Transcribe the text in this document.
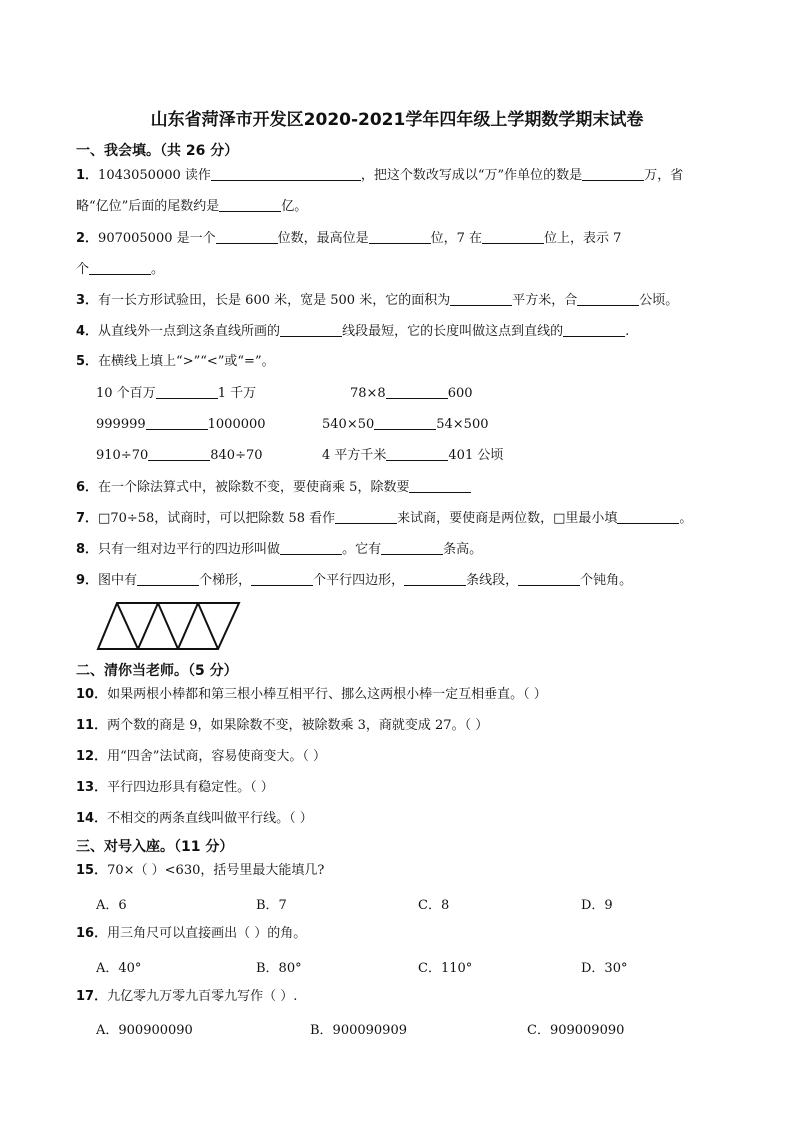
山东省菏泽市开发区2020-2021学年四年级上学期数学期末试卷
一、我会填。（共 26 分）
1．1043050000 读作	，把这个数改写成以“万”作单位的数是	万，省
略“亿位”后面的尾数约是	亿。
2．907005000 是一个	位数，最高位是	位，7 在	位上，表示 7
个	。
3．有一长方形试验田，长是 600 米，宽是 500 米，它的面积为	平方米，合	公顷。
4．从直线外一点到这条直线所画的	线段最短，它的长度叫做这点到直线的	.
5．在横线上填上“>”“<”或“=”。
10 个百万	1 千万	78×8	600
999999	1000000	540×50	54×500
910÷70	840÷70	4 平方千米	401 公顷
6．在一个除法算式中，被除数不变，要使商乘 5，除数要
7．□70÷58，试商时，可以把除数 58 看作	来试商，要使商是两位数，□里最小填	。
8．只有一组对边平行的四边形叫做	。它有	条高。
9．图中有	个梯形，	个平行四边形，	条线段，	个钝角。
二、清你当老师。（5 分）
10．如果两根小棒都和第三根小棒互相平行、挪么这两根小棒一定互相垂直。（ ）
11．两个数的商是 9，如果除数不变，被除数乘 3，商就变成 27。（ ）
12．用“四舍”法试商，容易使商变大。（ ）
13．平行四边形具有稳定性。（ ）
14．不相交的两条直线叫做平行线。（ ）
三、对号入座。（11 分）
15．70×（ ）<630，括号里最大能填几?
A．6	B．7	C．8	D．9
16．用三角尺可以直接画出（ ）的角。
A．40°	B．80°	C．110°	D．30°
17．九亿零九万零九百零九写作（ ）.
A．900900090	B．900090909	C．909009090
